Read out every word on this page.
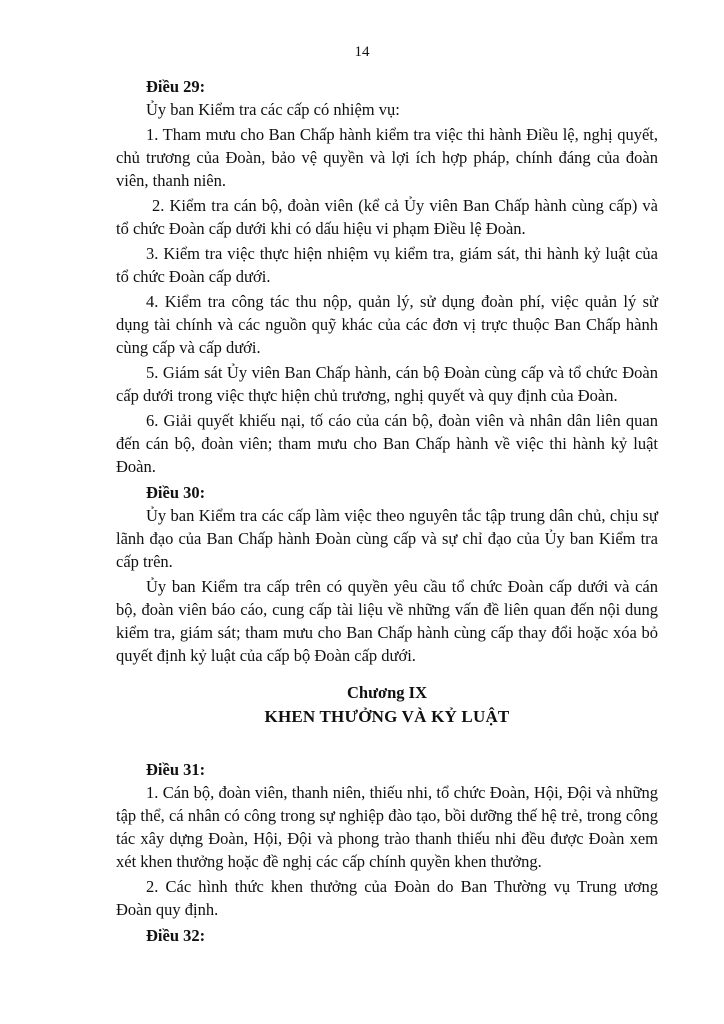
14
Điều 29:

Ủy ban Kiểm tra các cấp có nhiệm vụ:

1. Tham mưu cho Ban Chấp hành kiểm tra việc thi hành Điều lệ, nghị quyết, chủ trương của Đoàn, bảo vệ quyền và lợi ích hợp pháp, chính đáng của đoàn viên, thanh niên.

2. Kiểm tra cán bộ, đoàn viên (kể cả Ủy viên Ban Chấp hành cùng cấp) và tổ chức Đoàn cấp dưới khi có dấu hiệu vi phạm Điều lệ Đoàn.

3. Kiểm tra việc thực hiện nhiệm vụ kiểm tra, giám sát, thi hành kỷ luật của tổ chức Đoàn cấp dưới.

4. Kiểm tra công tác thu nộp, quản lý, sử dụng đoàn phí, việc quản lý sử dụng tài chính và các nguồn quỹ khác của các đơn vị trực thuộc Ban Chấp hành cùng cấp và cấp dưới.

5. Giám sát Ủy viên Ban Chấp hành, cán bộ Đoàn cùng cấp và tổ chức Đoàn cấp dưới trong việc thực hiện chủ trương, nghị quyết và quy định của Đoàn.

6. Giải quyết khiếu nại, tố cáo của cán bộ, đoàn viên và nhân dân liên quan đến cán bộ, đoàn viên; tham mưu cho Ban Chấp hành về việc thi hành kỷ luật Đoàn.

Điều 30:

Ủy ban Kiểm tra các cấp làm việc theo nguyên tắc tập trung dân chủ, chịu sự lãnh đạo của Ban Chấp hành Đoàn cùng cấp và sự chỉ đạo của Ủy ban Kiểm tra cấp trên.

Ủy ban Kiểm tra cấp trên có quyền yêu cầu tổ chức Đoàn cấp dưới và cán bộ, đoàn viên báo cáo, cung cấp tài liệu về những vấn đề liên quan đến nội dung kiểm tra, giám sát; tham mưu cho Ban Chấp hành cùng cấp thay đổi hoặc xóa bỏ quyết định kỷ luật của cấp bộ Đoàn cấp dưới.

Chương IX
KHEN THƯỞNG VÀ KỶ LUẬT
Điều 31:

1. Cán bộ, đoàn viên, thanh niên, thiếu nhi, tổ chức Đoàn, Hội, Đội và những tập thể, cá nhân có công trong sự nghiệp đào tạo, bồi dưỡng thế hệ trẻ, trong công tác xây dựng Đoàn, Hội, Đội và phong trào thanh thiếu nhi đều được Đoàn xem xét khen thưởng hoặc đề nghị các cấp chính quyền khen thưởng.

2. Các hình thức khen thưởng của Đoàn do Ban Thường vụ Trung ương Đoàn quy định.

Điều 32:
